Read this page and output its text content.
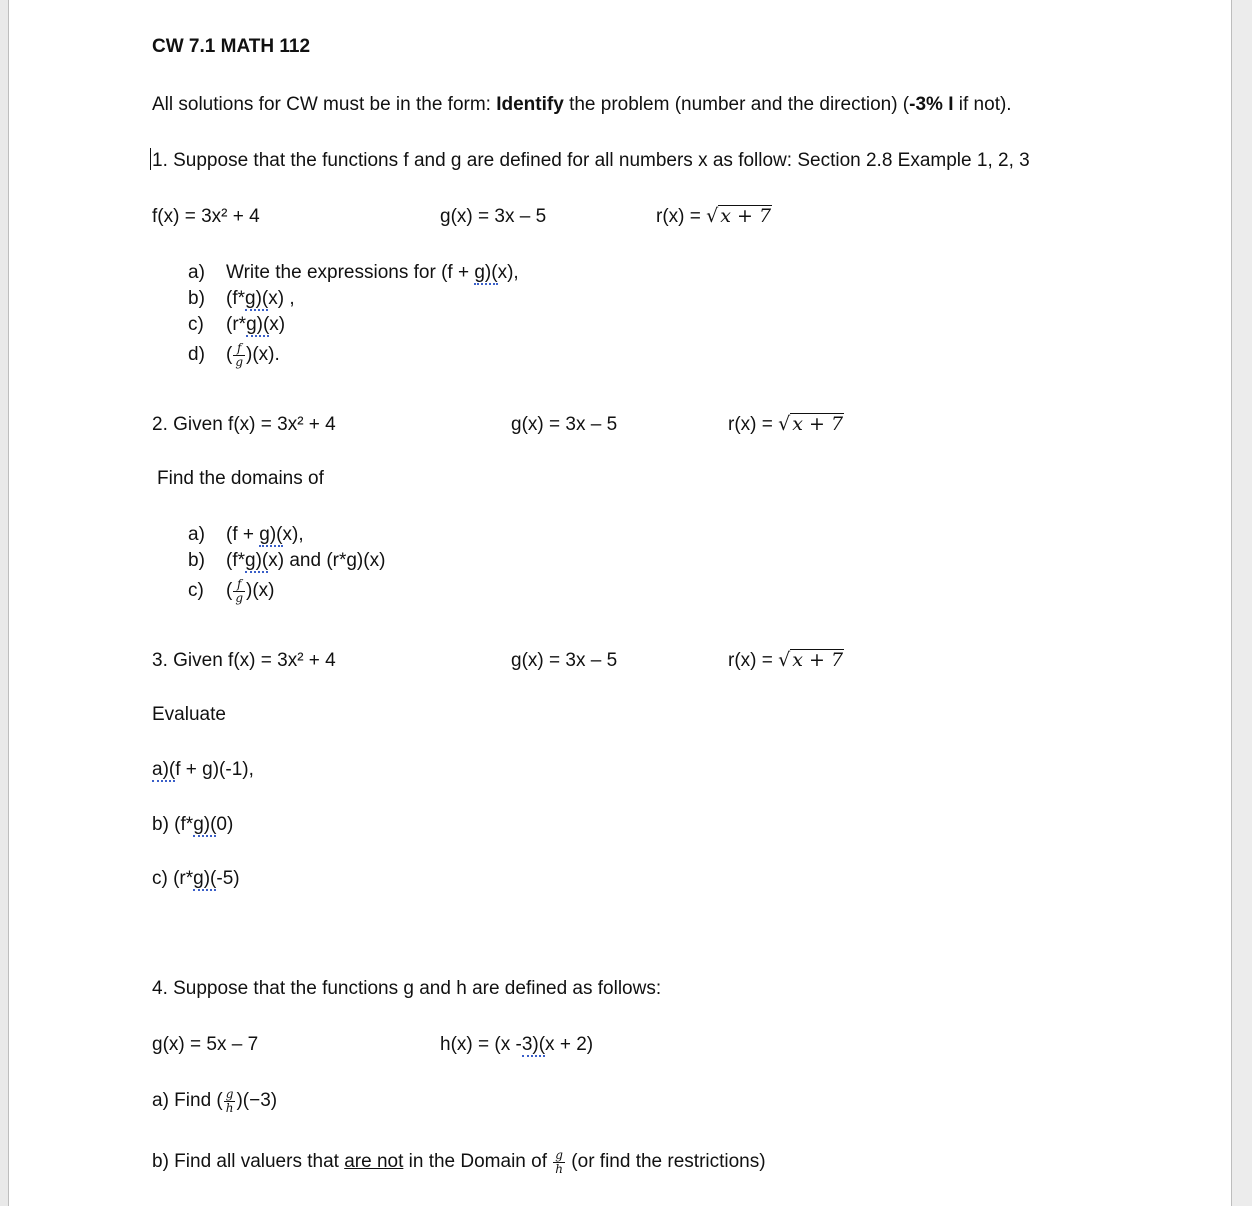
CW 7.1 MATH 112
All solutions for CW must be in the form: Identify the problem (number and the direction) (-3% I if not).
1. Suppose that the functions f and g are defined for all numbers x as follow: Section 2.8 Example 1, 2, 3
f(x) = 3x² + 4	g(x) = 3x – 5	r(x) = √ x + 7
a) Write the expressions for (f + g)(x),
b) (f*g)(x) ,
c) (r*g)(x)
d) ( $\frac{f}{g} )(x)$.
2. Given f(x) = 3x² + 4	g(x) = 3x – 5	r(x) = √ x + 7
Find the domains of
a) (f + g)(x),
b) (f*g)(x) and (r*g)(x)
c) ( $\frac{f}{g} )(x)$
3. Given f(x) = 3x² + 4	g(x) = 3x – 5	r(x) = √ x + 7
Evaluate
a)(f + g)(-1),
b) (f*g)(0)
c) (r*g)(-5)
4. Suppose that the functions g and h are defined as follows:
g(x) = 5x – 7	h(x) = (x -3)(x + 2)
a) Find ( $\frac{g}{h} )(-3)$
b) Find all valuers that are not in the Domain of $\frac{g}{h} (or$ find the restrictions)
